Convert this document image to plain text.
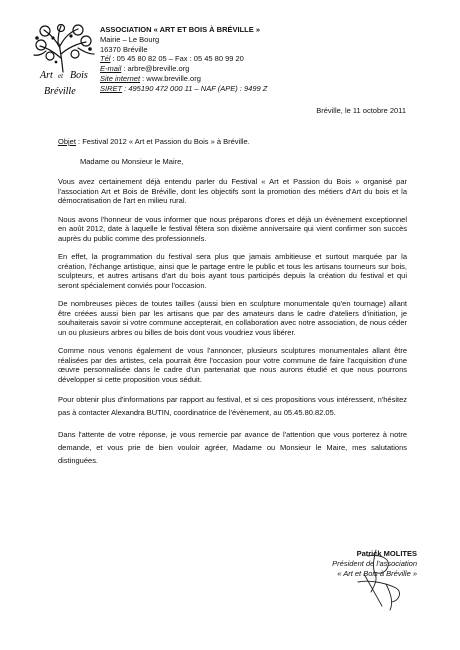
Art et Bois
Bréville
ASSOCIATION « ART ET BOIS À BRÉVILLE »
Mairie – Le Bourg
16370 Bréville
Tél : 05 45 80 82 05 – Fax : 05 45 80 99 20
E-mail : arbre@breville.org
Site internet : www.breville.org
SIRET : 495190 472 000 11 – NAF (APE) : 9499 Z
Bréville, le 11 octobre 2011

Objet : Festival 2012 « Art et Passion du Bois » à Bréville.

Madame ou Monsieur le Maire,

Vous avez certainement déjà entendu parler du Festival « Art et Passion du Bois » organisé par l'association Art et Bois de Bréville, dont les objectifs sont la promotion des métiers d'Art du bois et la démocratisation de l'art en milieu rural.

Nous avons l'honneur de vous informer que nous préparons d'ores et déjà un évènement exceptionnel en août 2012, date à laquelle le festival fêtera son dixième anniversaire qui vient confirmer son succès auprès du public comme des professionnels.

En effet, la programmation du festival sera plus que jamais ambitieuse et surtout marquée par la création, l'échange artistique, ainsi que le partage entre le public et tous les artisans tourneurs sur bois, sculpteurs, et autres artisans d'art du bois ayant tous participés depuis la création du festival et qui seront spécialement conviés pour l'occasion.

De nombreuses pièces de toutes tailles (aussi bien en sculpture monumentale qu'en tournage) allant être créées aussi bien par les artisans que par des amateurs dans le cadre d'ateliers d'initiation, je souhaiterais savoir si votre commune accepterait, en collaboration avec notre association, de nous céder un ou plusieurs arbres ou billes de bois dont vous voudriez vous libérer.

Comme nous venons également de vous l'annoncer, plusieurs sculptures monumentales allant être réalisées par des artistes, cela pourrait être l'occasion pour votre commune de faire l'acquisition d'une œuvre personnalisée dans le cadre d'un partenariat que nous aurons étudié et que nous pourrons développer si cette proposition vous séduit.

Pour obtenir plus d'informations par rapport au festival, et si ces propositions vous intéressent, n'hésitez pas à contacter Alexandra BUTIN, coordinatrice de l'évènement, au 05.45.80.82.05.

Dans l'attente de votre réponse, je vous remercie par avance de l'attention que vous porterez à notre demande, et vous prie de bien vouloir agréer, Madame ou Monsieur le Maire, mes salutations distinguées.

Patrick MOLITES
Président de l'association
« Art et Bois à Bréville »
